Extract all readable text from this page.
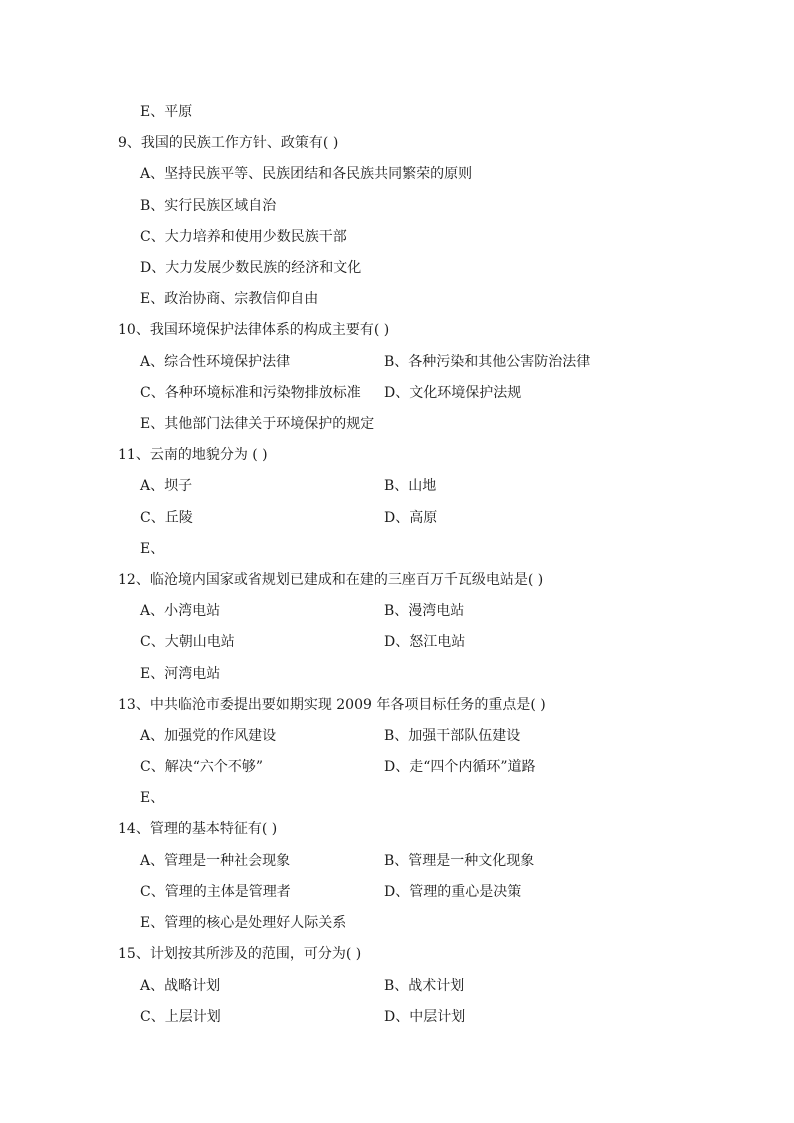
E、平原
9、我国的民族工作方针、政策有( )
A、坚持民族平等、民族团结和各民族共同繁荣的原则
B、实行民族区域自治
C、大力培养和使用少数民族干部
D、大力发展少数民族的经济和文化
E、政治协商、宗教信仰自由
10、我国环境保护法律体系的构成主要有( )
A、综合性环境保护法律	B、各种污染和其他公害防治法律
C、各种环境标准和污染物排放标准 D、文化环境保护法规
E、其他部门法律关于环境保护的规定
11、云南的地貌分为 ( )
A、坝子	B、山地
C、丘陵	D、高原
E、
12、临沧境内国家或省规划已建成和在建的三座百万千瓦级电站是( )
A、小湾电站	B、漫湾电站
C、大朝山电站	D、怒江电站
E、河湾电站
13、中共临沧市委提出要如期实现 2009 年各项目标任务的重点是( )
A、加强党的作风建设	B、加强干部队伍建设
C、解决“六个不够”	D、走“四个内循环”道路
E、
14、管理的基本特征有( )
A、管理是一种社会现象	B、管理是一种文化现象
C、管理的主体是管理者	D、管理的重心是决策
E、管理的核心是处理好人际关系
15、计划按其所涉及的范围，可分为( )
A、战略计划	B、战术计划
C、上层计划	D、中层计划
